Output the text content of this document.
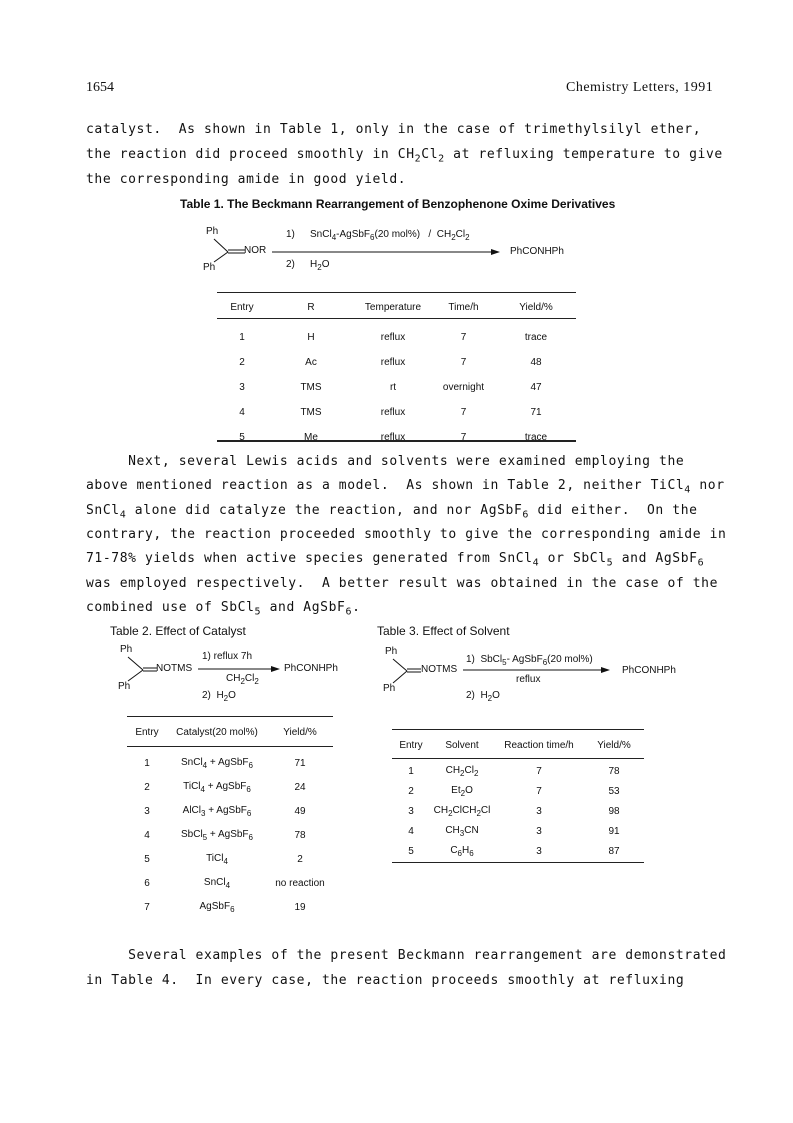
1654	Chemistry Letters, 1991
catalyst.  As shown in Table 1, only in the case of trimethylsilyl ether,
the reaction did proceed smoothly in $CH_2Cl_2$ at refluxing temperature to give
the corresponding amide in good yield.
Table 1. The Beckmann Rearrangement of Benzophenone Oxime Derivatives
Ph
Ph
NOR
1) SnCl$_4$-AgSbF$_6$(20 $mol\%) / CH_2Cl_2$
2) $H_2O$
PhCONHPh
Entry	R	Temperature	Time/h	Yield/%

1	H	reflux	7	trace
2	Ac	reflux	7	48
3	TMS	rt	overnight	47
4	TMS	reflux	7	71
5	Me	reflux	7	trace
Next, several Lewis acids and solvents were examined employing the
above mentioned reaction as a model.  As shown in Table 2, neither TiCl$_4$ nor
SnCl$_4$ alone did catalyze the reaction, and nor AgSbF$_6$ did either.  On the
contrary, the reaction proceeded smoothly to give the corresponding amide in
71-78% yields when active species generated from SnCl$_4$ or SbCl$_5$ and AgSbF$_6$
was employed respectively.  A better result was obtained in the case of the
combined use of SbCl$_5$ and AgSbF$_6$.
Table 2. Effect of Catalyst
Ph
Ph
NOTMS
1) reflux 7h
$CH_2Cl_2$
2)  $H_2O$
PhCONHPh
Entry	Catalyst(20 mol%)	Yield/%

1	SnCl$_4$ + AgSbF$_6$	71
2	TiCl$_4$ + AgSbF$_6$	24
3	AlCl$_3$ + AgSbF$_6$	49
4	SbCl$_5$ + AgSbF$_6$	78
5	TiCl$_4$	2
6	SnCl$_4$	no reaction
7	AgSbF$_6$	19
Table 3. Effect of Solvent
Ph
Ph
NOTMS
1)  SbCl$_5$- AgSbF$_6$(20 mol%)
reflux
2)  $H_2O$
PhCONHPh
Entry	Solvent	Reaction time/h	Yield/%

1	$CH_2Cl_2$	7	78
2	$Et_2O$	7	53
3	$CH_2ClCH_2Cl$	3	98
4	$CH_3CN$	3	91
5	$C_6H_6$	3	87
Several examples of the present Beckmann rearrangement are demonstrated
in Table 4.  In every case, the reaction proceeds smoothly at refluxing
